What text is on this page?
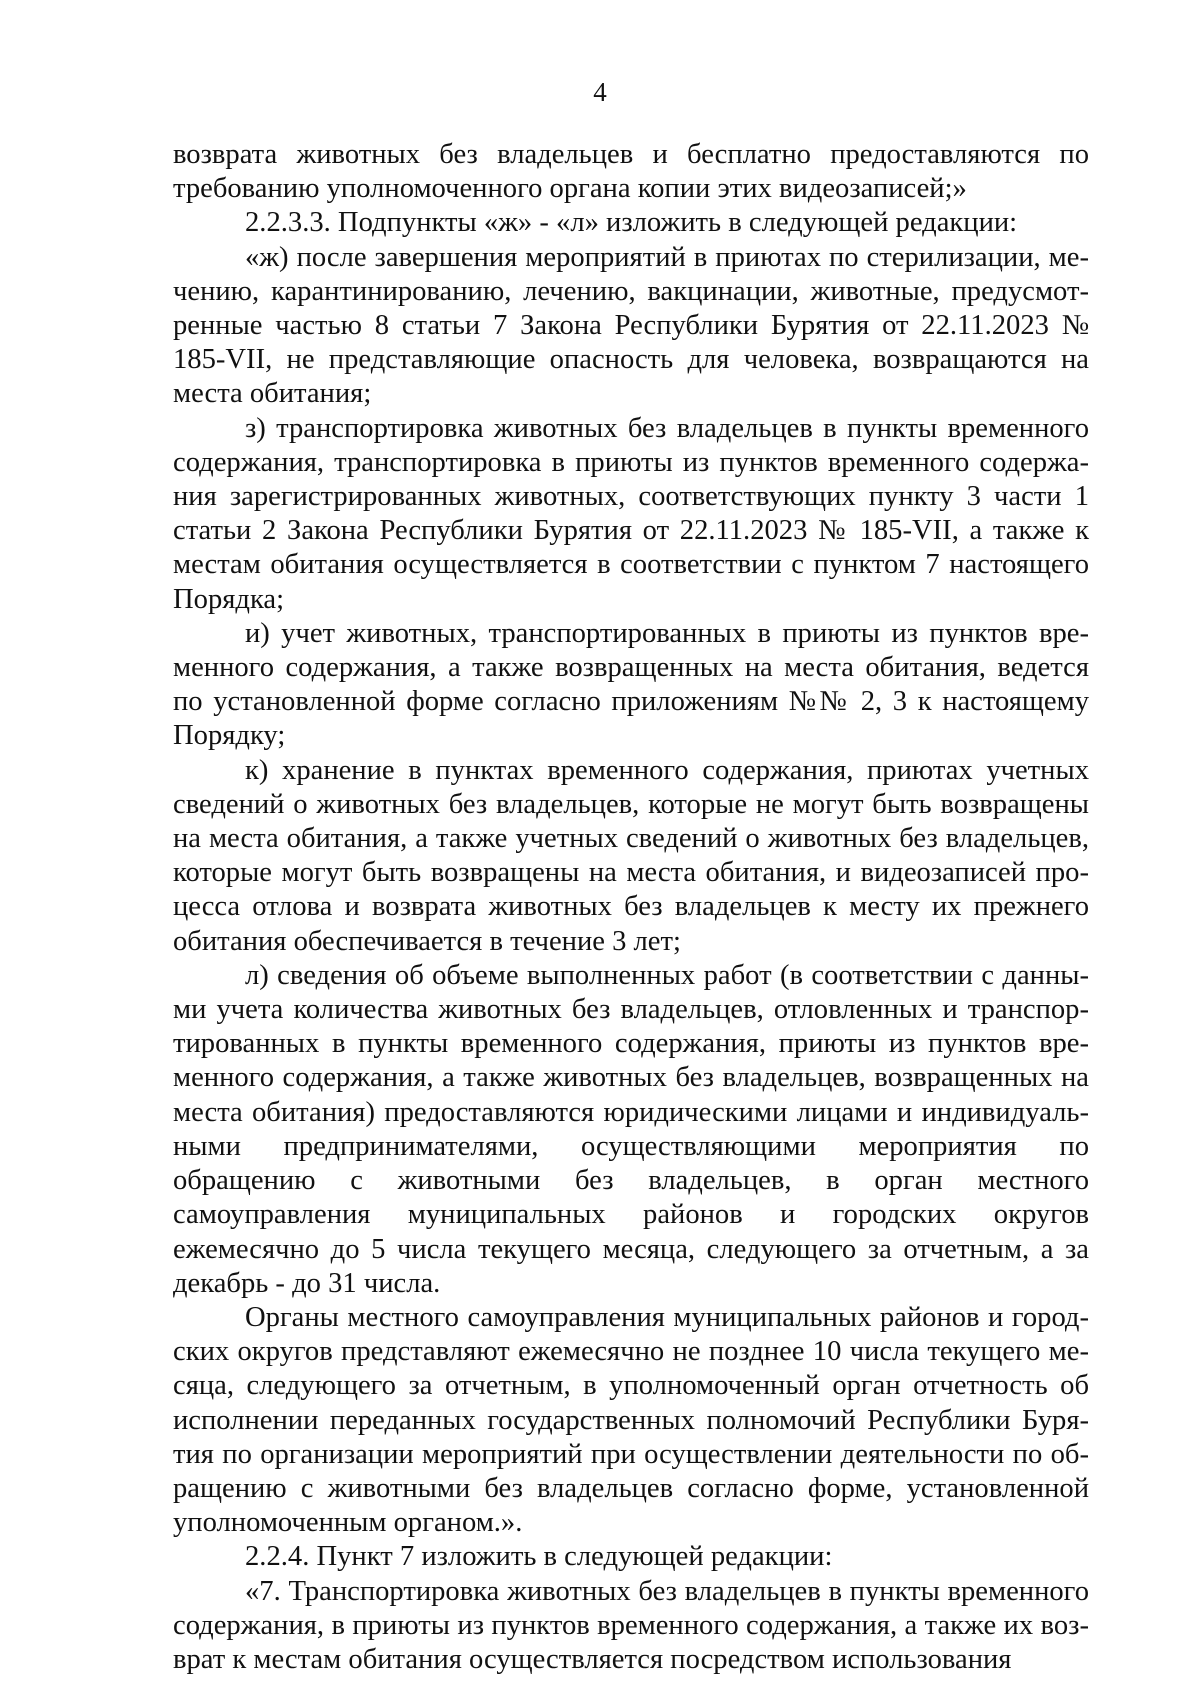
4

возврата животных без владельцев и бесплатно предоставляются по требованию уполномоченного органа копии этих видеозаписей;»

2.2.3.3. Подпункты «ж» - «л» изложить в следующей редакции:

«ж) после завершения мероприятий в приютах по стерилизации, мечению, карантинированию, лечению, вакцинации, животные, предусмотренные частью 8 статьи 7 Закона Республики Бурятия от 22.11.2023 № 185-VII, не представляющие опасность для человека, возвращаются на места обитания;

з) транспортировка животных без владельцев в пункты временного содержания, транспортировка в приюты из пунктов временного содержания зарегистрированных животных, соответствующих пункту 3 части 1 статьи 2 Закона Республики Бурятия от 22.11.2023 № 185-VII, а также к местам обитания осуществляется в соответствии с пунктом 7 настоящего Порядка;

и) учет животных, транспортированных в приюты из пунктов временного содержания, а также возвращенных на места обитания, ведется по установленной форме согласно приложениям №№ 2, 3 к настоящему Порядку;

к) хранение в пунктах временного содержания, приютах учетных сведений о животных без владельцев, которые не могут быть возвращены на места обитания, а также учетных сведений о животных без владельцев, которые могут быть возвращены на места обитания, и видеозаписей процесса отлова и возврата животных без владельцев к месту их прежнего обитания обеспечивается в течение 3 лет;

л) сведения об объеме выполненных работ (в соответствии с данными учета количества животных без владельцев, отловленных и транспортированных в пункты временного содержания, приюты из пунктов временного содержания, а также животных без владельцев, возвращенных на места обитания) предоставляются юридическими лицами и индивидуальными предпринимателями, осуществляющими мероприятия по обращению с животными без владельцев, в орган местного самоуправления муниципальных районов и городских округов ежемесячно до 5 числа текущего месяца, следующего за отчетным, а за декабрь - до 31 числа.

Органы местного самоуправления муниципальных районов и городских округов представляют ежемесячно не позднее 10 числа текущего месяца, следующего за отчетным, в уполномоченный орган отчетность об исполнении переданных государственных полномочий Республики Бурятия по организации мероприятий при осуществлении деятельности по обращению с животными без владельцев согласно форме, установленной уполномоченным органом.».

2.2.4. Пункт 7 изложить в следующей редакции:

«7. Транспортировка животных без владельцев в пункты временного содержания, в приюты из пунктов временного содержания, а также их возврат к местам обитания осуществляется посредством использования
